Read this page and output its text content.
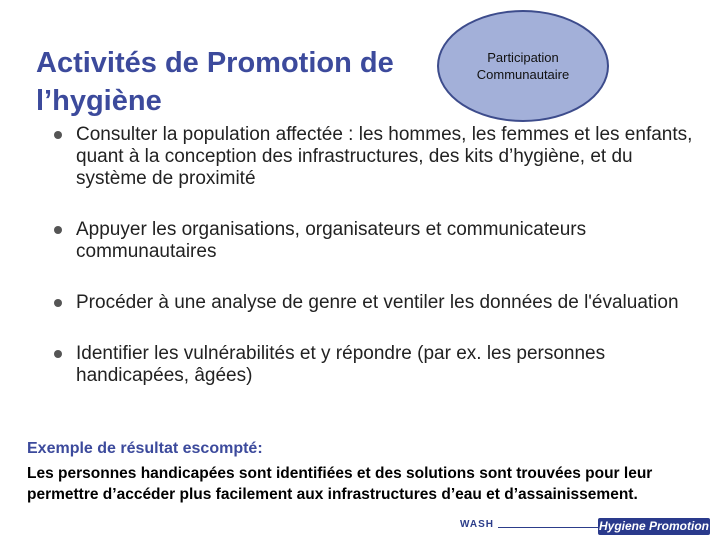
Activités de Promotion de l’hygiène
Participation
Communautaire
Consulter la population affectée : les hommes, les femmes et les enfants, quant à la conception des infrastructures, des kits d’hygiène, et du système de proximité
Appuyer les organisations, organisateurs et communicateurs communautaires
Procéder à une analyse de genre et ventiler les données de l'évaluation
Identifier les vulnérabilités et y répondre (par ex. les personnes handicapées, âgées)
Exemple de résultat escompté:
Les personnes handicapées sont identifiées et des solutions sont trouvées pour leur permettre d’accéder plus facilement aux infrastructures d’eau et d’assainissement.
WASH	Hygiene Promotion
